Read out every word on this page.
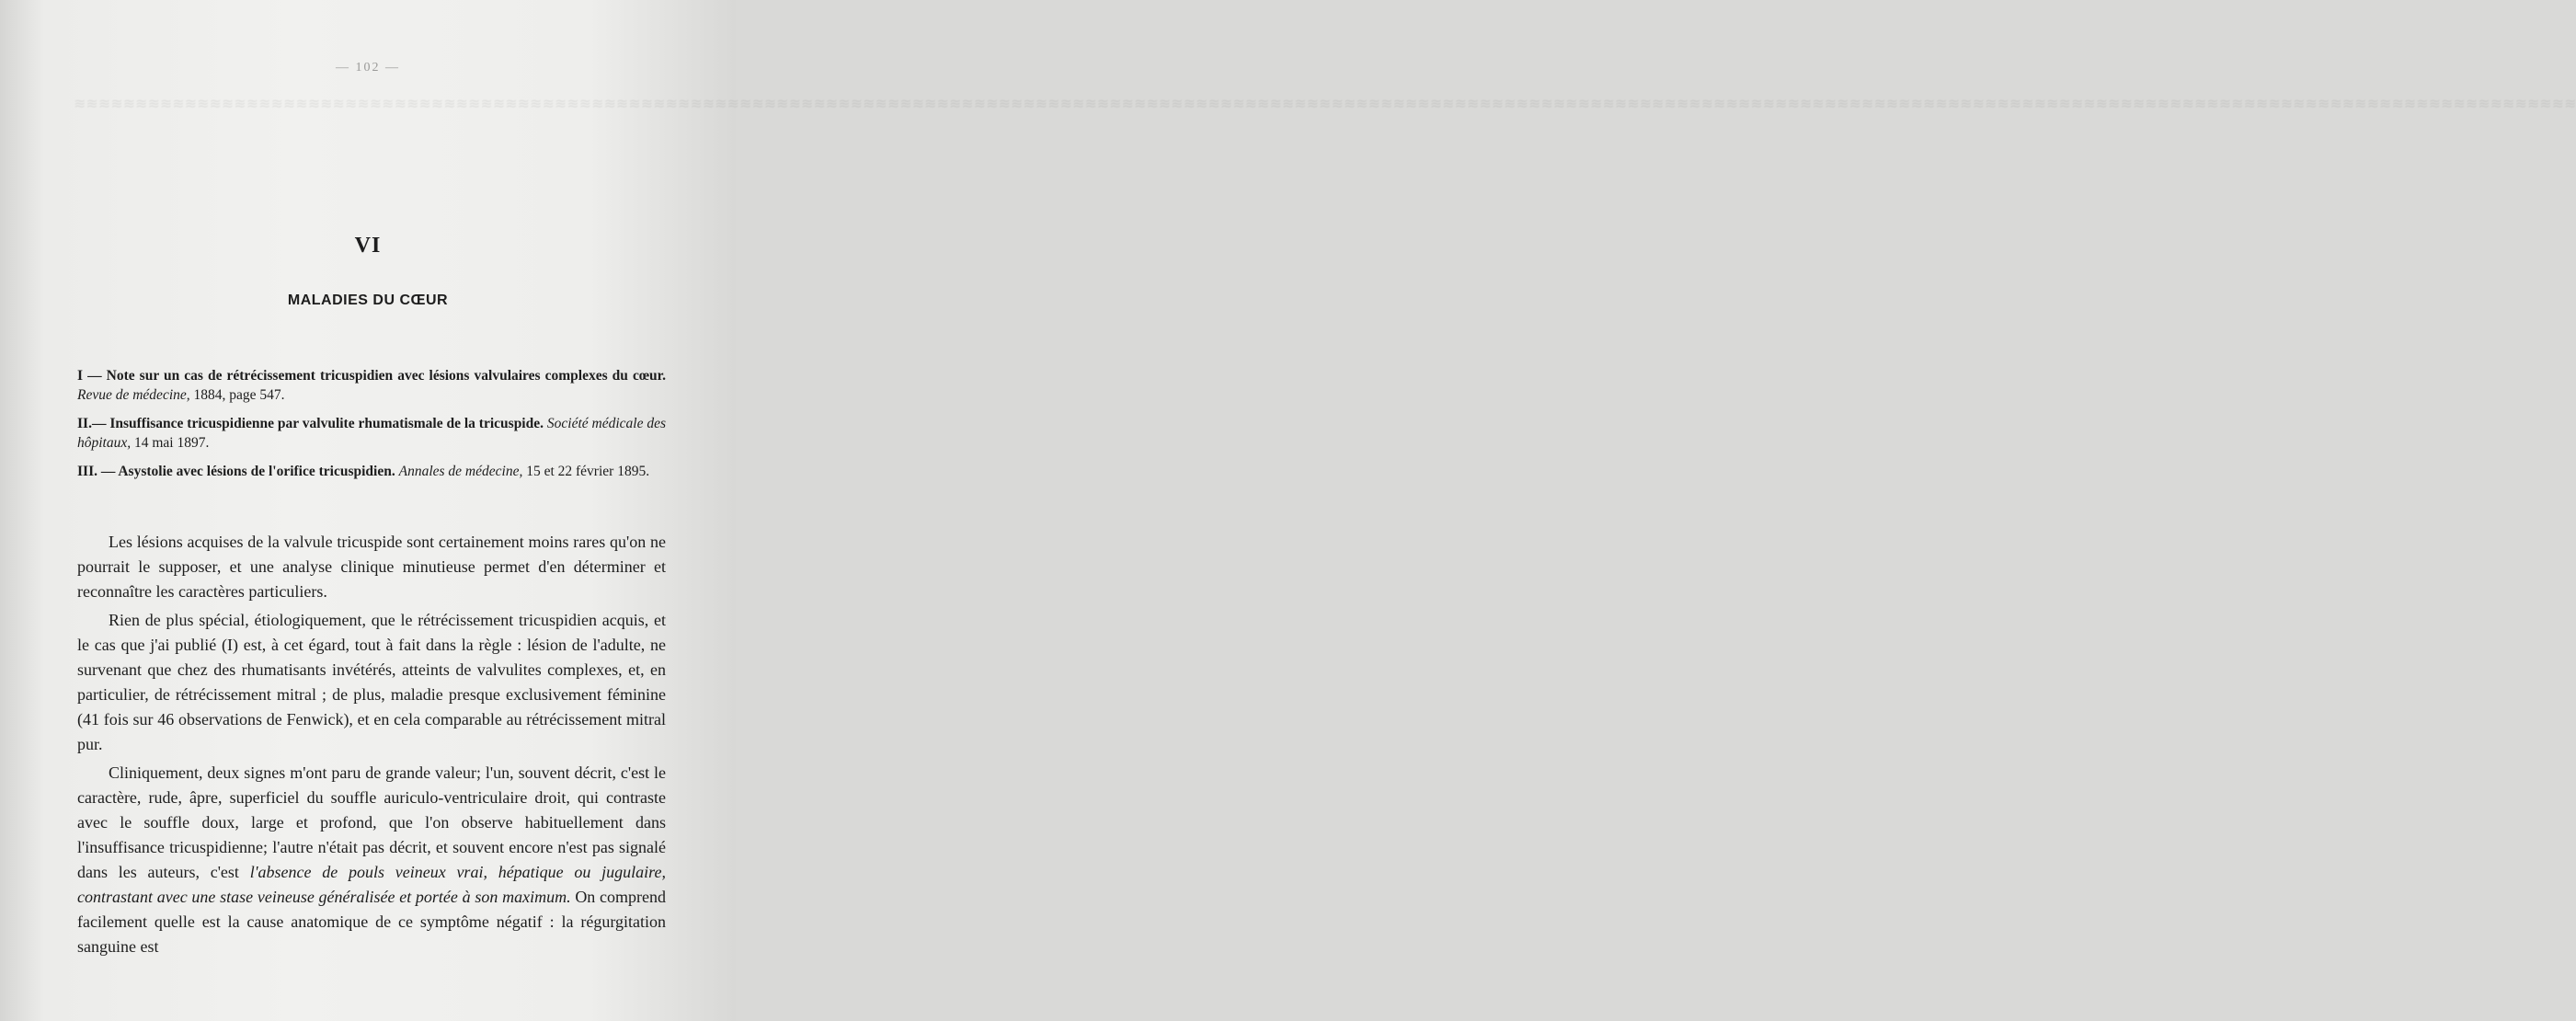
≋≋≋≋≋≋≋≋≋≋≋≋≋≋≋≋≋≋≋≋≋≋≋≋≋≋≋≋≋≋≋≋≋≋≋≋≋≋≋≋≋≋≋≋≋≋≋≋≋≋≋≋≋≋≋≋≋≋≋≋≋≋≋≋≋≋≋≋≋≋≋≋≋≋≋≋≋≋≋≋≋≋≋≋≋≋≋≋≋≋≋≋≋≋≋≋≋≋≋≋≋≋≋≋≋≋≋≋≋≋≋≋≋≋≋≋≋≋≋≋≋≋≋≋≋≋≋≋≋≋≋≋≋≋≋≋≋≋≋≋≋≋≋≋≋≋≋≋≋≋≋≋≋≋≋≋≋≋≋≋≋≋≋≋≋≋≋≋≋≋≋≋≋≋≋≋≋≋≋≋≋≋≋≋≋≋≋≋≋≋≋≋≋≋≋≋≋≋≋≋≋≋≋
— 102 —
VI
MALADIES DU CŒUR

I — Note sur un cas de rétrécissement tricuspidien avec lésions valvulaires complexes du cœur. Revue de médecine, 1884, page 547.

II.— Insuffisance tricuspidienne par valvulite rhumatismale de la tricuspide. Société médicale des hôpitaux, 14 mai 1897.

III. — Asystolie avec lésions de l'orifice tricuspidien. Annales de médecine, 15 et 22 février 1895.

Les lésions acquises de la valvule tricuspide sont certainement moins rares qu'on ne pourrait le supposer, et une analyse clinique minutieuse permet d'en déterminer et reconnaître les caractères particuliers.

Rien de plus spécial, étiologiquement, que le rétrécissement tricuspidien acquis, et le cas que j'ai publié (I) est, à cet égard, tout à fait dans la règle : lésion de l'adulte, ne survenant que chez des rhumatisants invétérés, atteints de valvulites complexes, et, en particulier, de rétrécissement mitral ; de plus, maladie presque exclusivement féminine (41 fois sur 46 observations de Fenwick), et en cela comparable au rétrécissement mitral pur.

Cliniquement, deux signes m'ont paru de grande valeur; l'un, souvent décrit, c'est le caractère, rude, âpre, superficiel du souffle auriculo-ventriculaire droit, qui contraste avec le souffle doux, large et profond, que l'on observe habituellement dans l'insuffisance tricuspidienne; l'autre n'était pas décrit, et souvent encore n'est pas signalé dans les auteurs, c'est l'absence de pouls veineux vrai, hépatique ou jugulaire, contrastant avec une stase veineuse généralisée et portée à son maximum. On comprend facilement quelle est la cause anatomique de ce symptôme négatif : la régurgitation sanguine est
